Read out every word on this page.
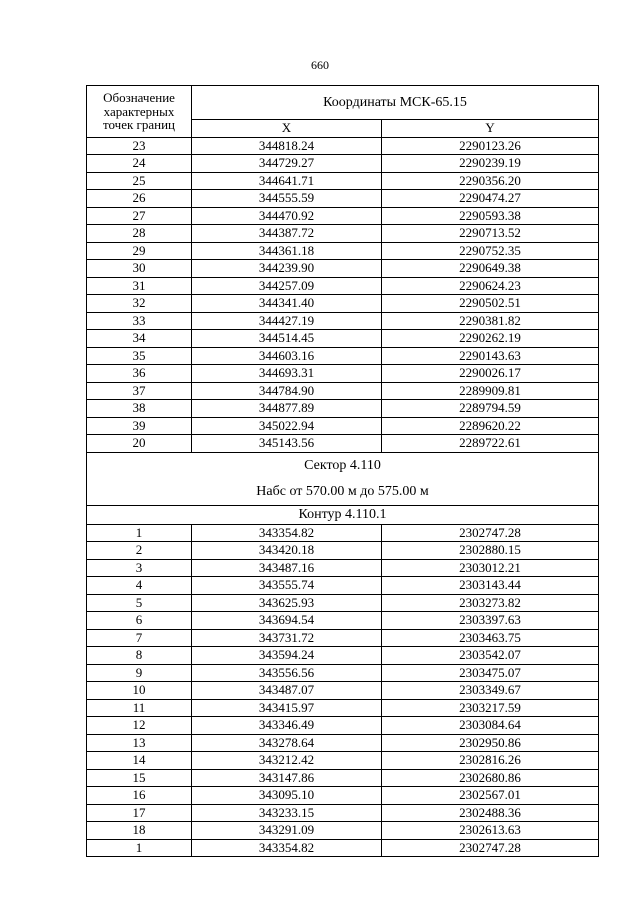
660
Обозначение характерных точек границ	Координаты МСК-65.15	
	X	Y
23	344818.24	2290123.26
24	344729.27	2290239.19
25	344641.71	2290356.20
26	344555.59	2290474.27
27	344470.92	2290593.38
28	344387.72	2290713.52
29	344361.18	2290752.35
30	344239.90	2290649.38
31	344257.09	2290624.23
32	344341.40	2290502.51
33	344427.19	2290381.82
34	344514.45	2290262.19
35	344603.16	2290143.63
36	344693.31	2290026.17
37	344784.90	2289909.81
38	344877.89	2289794.59
39	345022.94	2289620.22
20	345143.56	2289722.61

Сектор 4.110
Набс от 570.00 м до 575.00 м		

Контур 4.110.1		
1	343354.82	2302747.28
2	343420.18	2302880.15
3	343487.16	2303012.21
4	343555.74	2303143.44
5	343625.93	2303273.82
6	343694.54	2303397.63
7	343731.72	2303463.75
8	343594.24	2303542.07
9	343556.56	2303475.07
10	343487.07	2303349.67
11	343415.97	2303217.59
12	343346.49	2303084.64
13	343278.64	2302950.86
14	343212.42	2302816.26
15	343147.86	2302680.86
16	343095.10	2302567.01
17	343233.15	2302488.36
18	343291.09	2302613.63
1	343354.82	2302747.28
